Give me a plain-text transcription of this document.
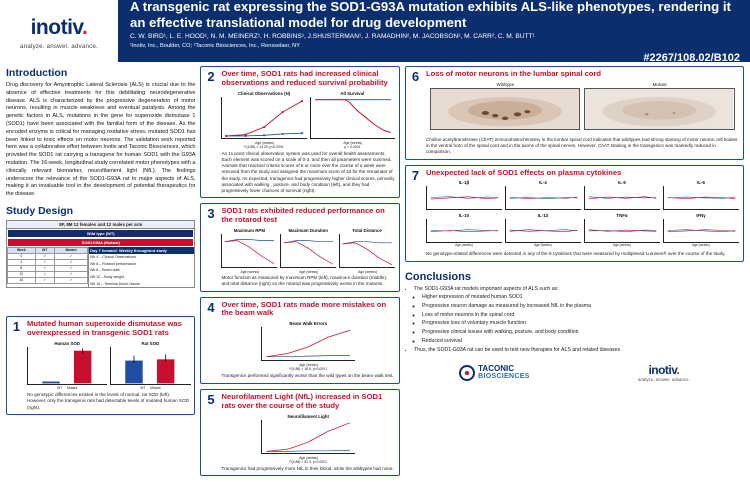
inotiv.
analyze. answer. advance.
A transgenic rat expressing the SOD1-G93A mutation exhibits ALS-like phenotypes, rendering it an effective translational model for drug development

C. W. BIRD¹, L. E. HOOD¹, N. M. MEINERZ¹, H. ROBBINS¹, J.SHUSTERMAN¹, J. RAMADHIN², M. JACOBSON², M. CARR², C. M. BUTT¹

¹Inotiv, Inc., Boulder, CO; ²Taconic Biosciences, Inc., Rensselaer, NY

#2267/108.02/B102
Introduction

Drug discovery for Amyotrophic Lateral Sclerosis (ALS) is crucial due to the absence of effective treatments for this debilitating neurodegenerative disease. ALS is characterized by the progressive degeneration of motor neurons, resulting in muscle weakness and eventual paralysis. Among the genetic factors in ALS, mutations in the gene for superoxide dismutase 1 (SOD1) have been associated with the familial form of the disease. As the encoded enzyme is critical for managing oxidative stress, mutated SOD1 has been linked to toxic effects on motor neurons. The validation work reported here was a collaborative effort between Inotiv and Taconic Biosciences, which provided the SOD1 rat carrying a transgene for human SOD1 with the G93A mutation. The 16-week, longitudinal study correlated motor phenotypes with a clinically relevant biomarker, neurofilament light (NfL). The findings underscore the relevance of the SOD1-G93A rat to major aspects of ALS, making it an invaluable tool in the development of potential therapeutics for the disease.

Study Design
8F, 8M 12 females and 12 males per arm
Wild type (WT)
SOD1G93A (Mutant)
Week	WT	Mutant
0	✓	✓
4	✓	✓
8	✓	✓
12	✓	✓
16	✓	✓
Day 7 forward: Weekly throughout study
Wk 4 – Clinical Observations
Wk 6 – Rotarod performance
Wk 8 – Beam walk
Wk 10 – Body weight
Wk 16 – Terminal blood / tissue
1 Mutated human superoxide dismutase was overexpressed in transgenic SOD1 rats
Human SOD
WT     Mutant
Rat SOD
WT     Mutant

No genotypic differences existed in the levels of normal, rat SOD (left). However, only the transgenic rats had detectable levels of mutated human SOD (right).

2 Over time, SOD1 rats had increased clinical observations and reduced survival probability
Clinical Observations (N)
Age (weeks)
F(4,88) = 14.29, p<0.0001
All Survival
Age (weeks)
p < 0.0001

An 11 point clinical observation system was used for overall health assessments. Each element was scored on a scale of 0-3, and then all parameters were summed. Animals that reached criteria scores of 6 or more over the course of a week were removed from the study and assigned the maximum score of 33 for the remainder of the study. As expected, transgenics had progressively higher clinical scores, primarily associated with walking , posture, and body condition (left), and they had progressively lower chances of survival (right).

3 SOD1 rats exhibited reduced performance on the rotarod test
Maximum RPM
Age (weeks)
Maximum Duration
Age (weeks)
Total Distance
Age (weeks)

Motor function as measured by maximum RPM (left), maximum duration (middle), and total distance (right) on the rotarod was progressively worse in the mutants.

4 Over time, SOD1 rats made more mistakes on the beam walk
Beam Walk Errors
Age (weeks)
F(4,88) = 16.8, p<0.0001

Transgenics performed significantly worse than the wild types on the beam walk test.

5 Neurofilament Light (NfL) increased in SOD1 rats over the course of the study
Neurofilament Light
Age (weeks)
F(4,88) = 52.3, p<0.0001

Transgenics had progressively more NfL in their blood, while the wildtypes had none.

6 Loss of motor neurons in the lumbar spinal cord
Wildtype	Mutant

Choline acetyltransferase (ChAT) immunohistochemistry in the lumbar spinal cord indicated that wildtypes had strong staining of motor neuron cell bodies in the ventral horn of the spinal cord and in the axons of the spinal nerves. However, ChAT staining in the transgenics was markedly reduced in comparison.

7 Unexpected lack of SOD1 effects on plasma cytokines
IL-1β	IL-4	IL-5	IL-6
IL-10
Age (weeks)
IL-13
Age (weeks)
TNFα
Age (weeks)
IFNγ
Age (weeks)

No genotype-related differences were detected in any of the 8 cytokines that were measured by multiplexed Luminex® over the course of the study.

Conclusions
• The SOD1-G93A rat models important aspects of ALS such as:
◦ Higher expression of mutated human SOD1
◦ Progressive neuron damage as measured by increased NfL in the plasma
◦ Loss of motor neurons in the spinal cord
◦ Progressive loss of voluntary muscle function
◦ Progressive clinical issues with walking, posture, and body condition
◦ Reduced survival
• Thus, the SOD1-G93A rat can be used to test new therapies for ALS and related diseases
TACONIC
BIOSCIENCES	inotiv.
analyze. answer. advance.
